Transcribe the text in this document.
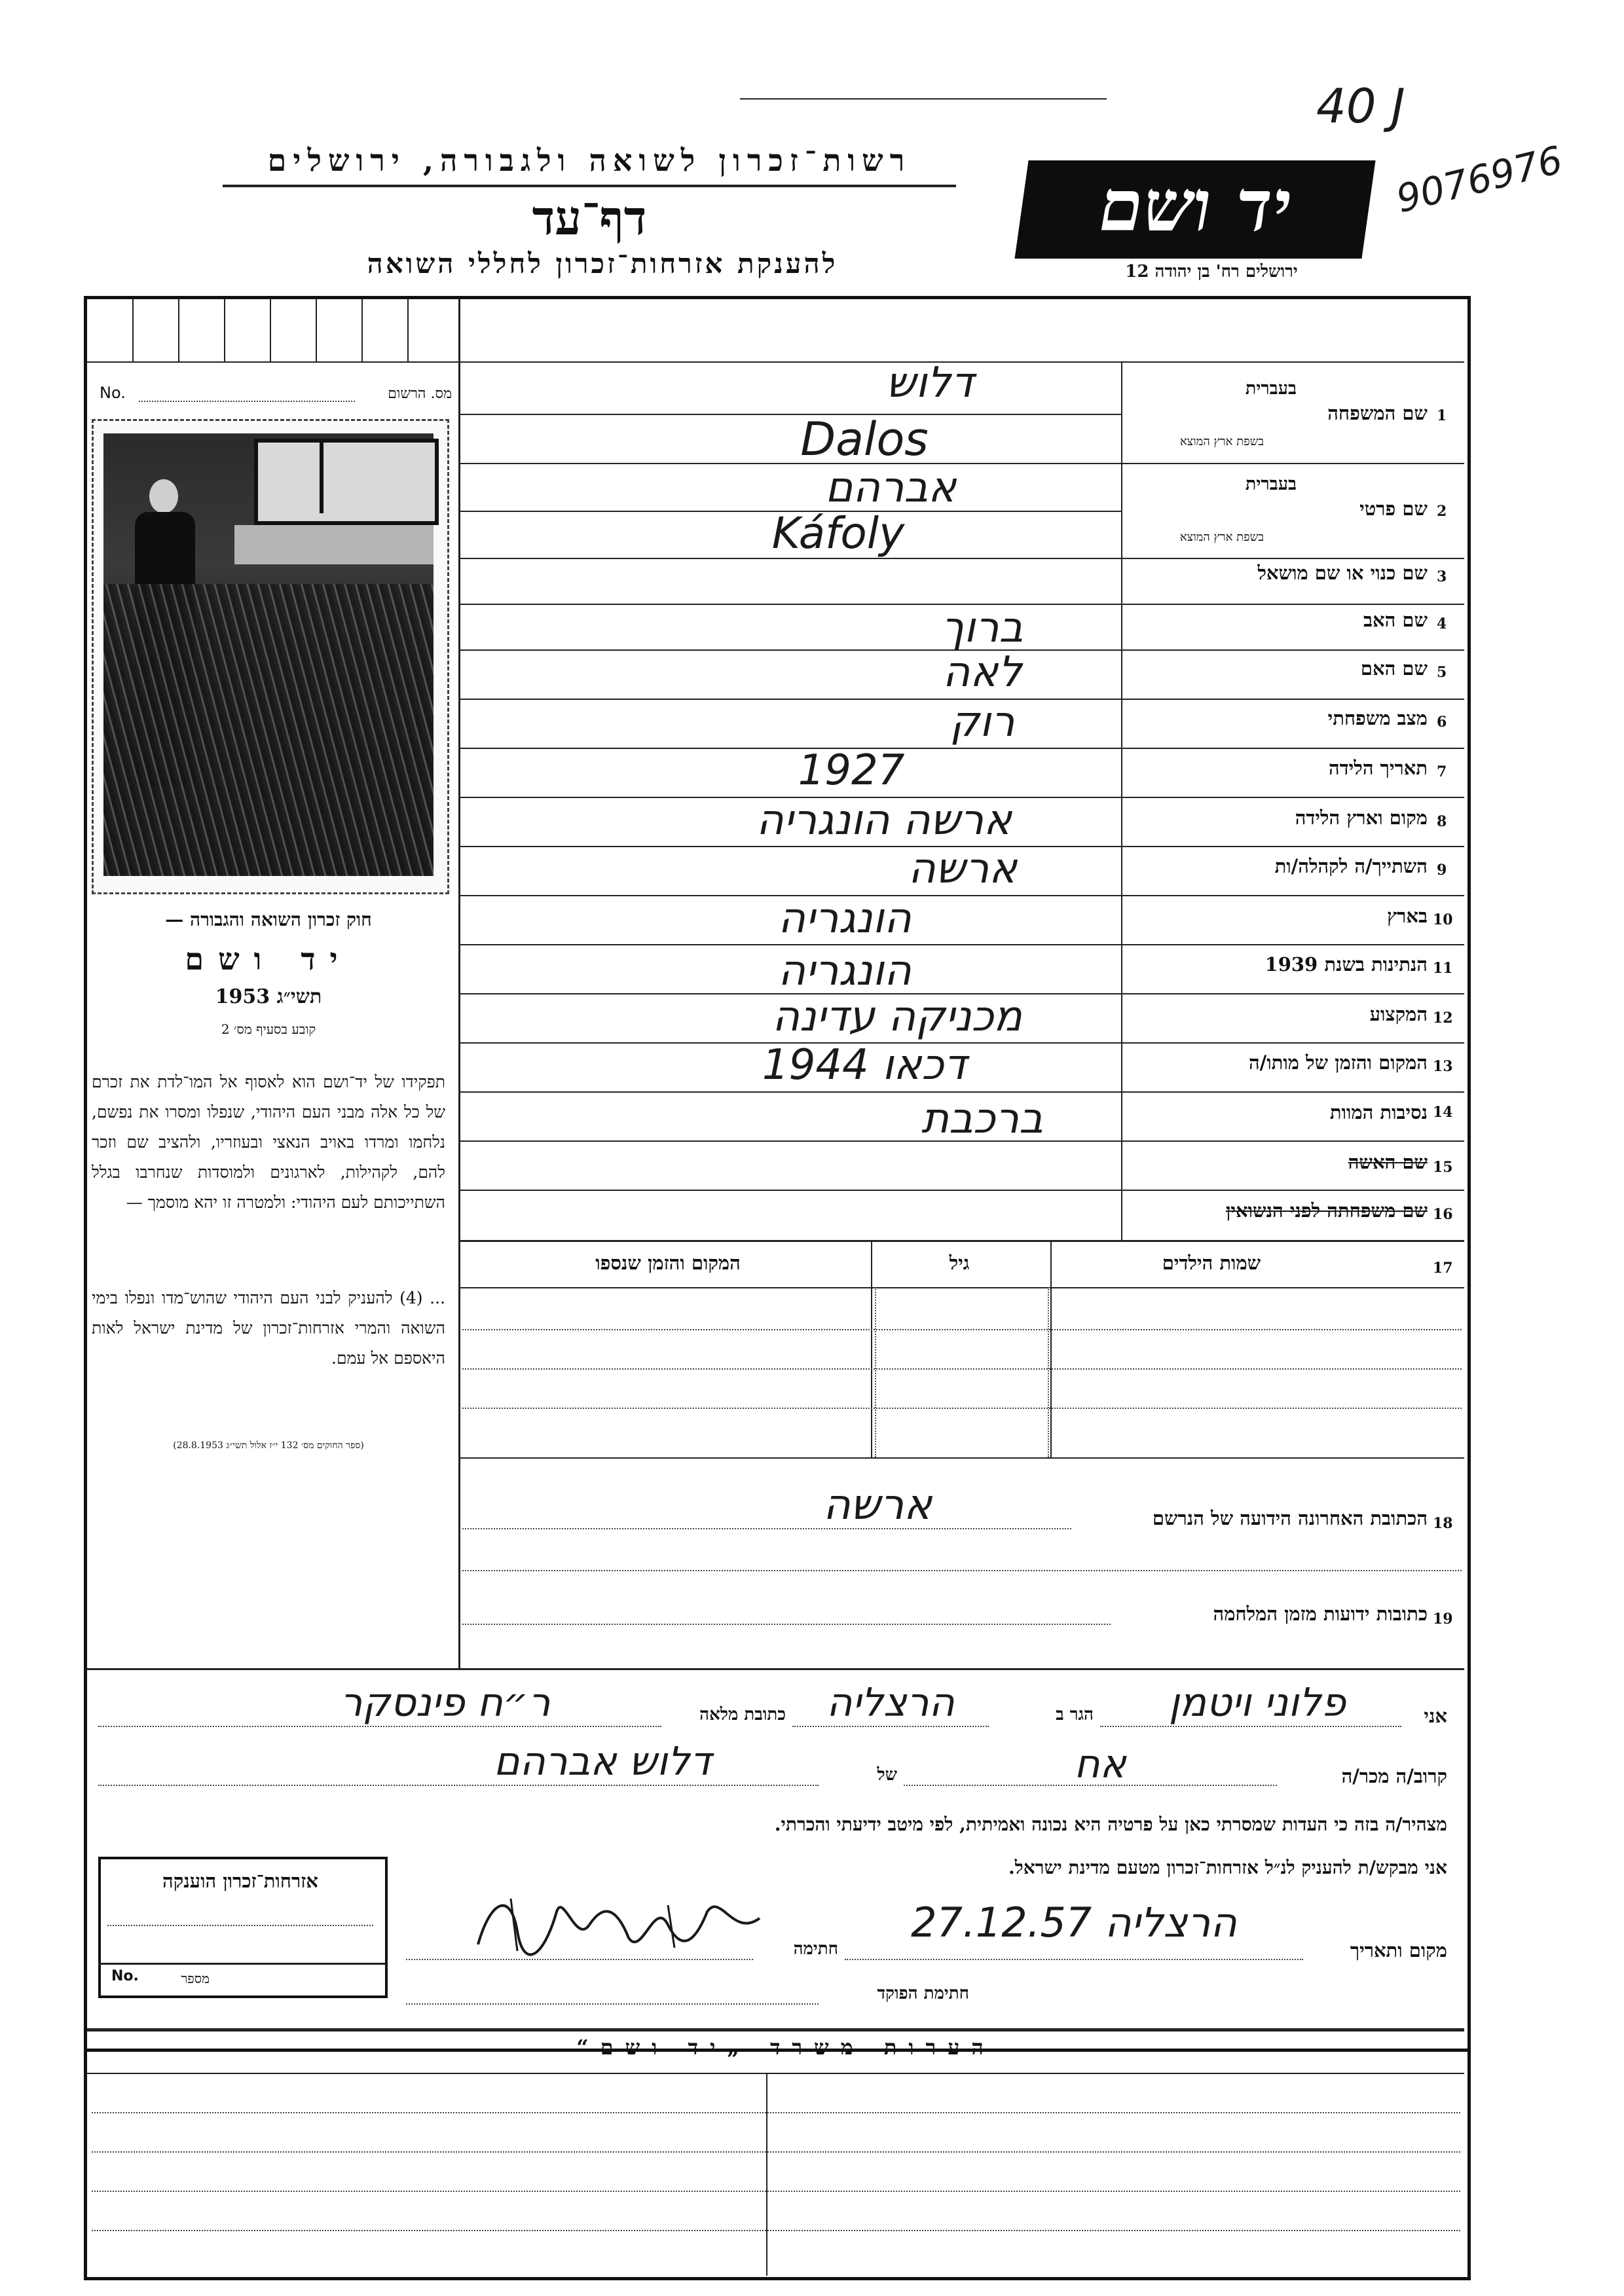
40 J
9076976
רשות־זכרון לשואה ולגבורה, ירושלים
דף־עד
להענקת אזרחות־זכרון לחללי השואה
יד ושם
ירושלים רח' בן יהודה 12
No.	מס. הרשום
חוק זכרון השואה והגבורה —
יד ושם
תשי״ג 1953
קובע בסעיף מס׳ 2
תפקידו של יד־ושם הוא לאסוף אל המו־לדת את זכרם של כל אלה מבני העם היהודי, שנפלו ומסרו את נפשם, נלחמו ומרדו באויב הנאצי ובעוזריו, ולהציב שם וזכר להם, לקהילות, לארגונים ולמוסדות שנחרבו בגלל השתייכותם לעם היהודי: ולמטרה זו יהא מוסמך —
... (4) להעניק לבני העם היהודי שהוש־מדו ונפלו בימי השואה והמרי אזרחות־זכרון של מדינת ישראל לאות היאספם אל עמם.
(ספר החוקים מס׳ 132 י״ז אלול תשי״ג 28.8.1953)
1
שם המשפחה
בעברית
בשפת ארץ המוצא
דלוש
Dalos
2
שם פרטי
בעברית
בשפת ארץ המוצא
אברהם
Káfoly
3
שם כנוי או שם מושאל
4
שם האב
ברוך
5
שם האם
לאה
6
מצב משפחתי
רוק
7
תאריך הלידה
1927
8
מקום וארץ הלידה
ארשה הונגריה
9
השתייך/ה לקהלה/ות
ארשה
10
בארץ
הונגריה
11
הנתינות בשנת 1939
הונגריה
12
המקצוע
מכניקה עדינה
13
המקום והזמן של מותו/ה
דכאו 1944
14
נסיבות המוות
ברכבת
15
שם האשה
16
שם משפחתה לפני הנשואין
17
שמות הילדים
גיל
המקום והזמן שנספו
18
הכתובת האחרונה הידועה של הנרשם
ארשה
19
כתובות ידועות מזמן המלחמה
אני
פלוני ויטמן
הגר ב
הרצליה
כתובת מלאה
ר״ח פינסקר
קרוב/ה מכר/ה
אח
של
דלוש אברהם
מצהיר/ה בזה כי העדות שמסרתי כאן על פרטיה היא נכונה ואמיתית, לפי מיטב ידיעתי והכרתי.
אני מבקש/ת להעניק לנ״ל אזרחות־זכרון מטעם מדינת ישראל.
מקום ותאריך
הרצליה 27.12.57
חתימה
חתימת הפוקד
אזרחות־זכרון הוענקה
No.	מספר
הערות משרד „יד ושם“
